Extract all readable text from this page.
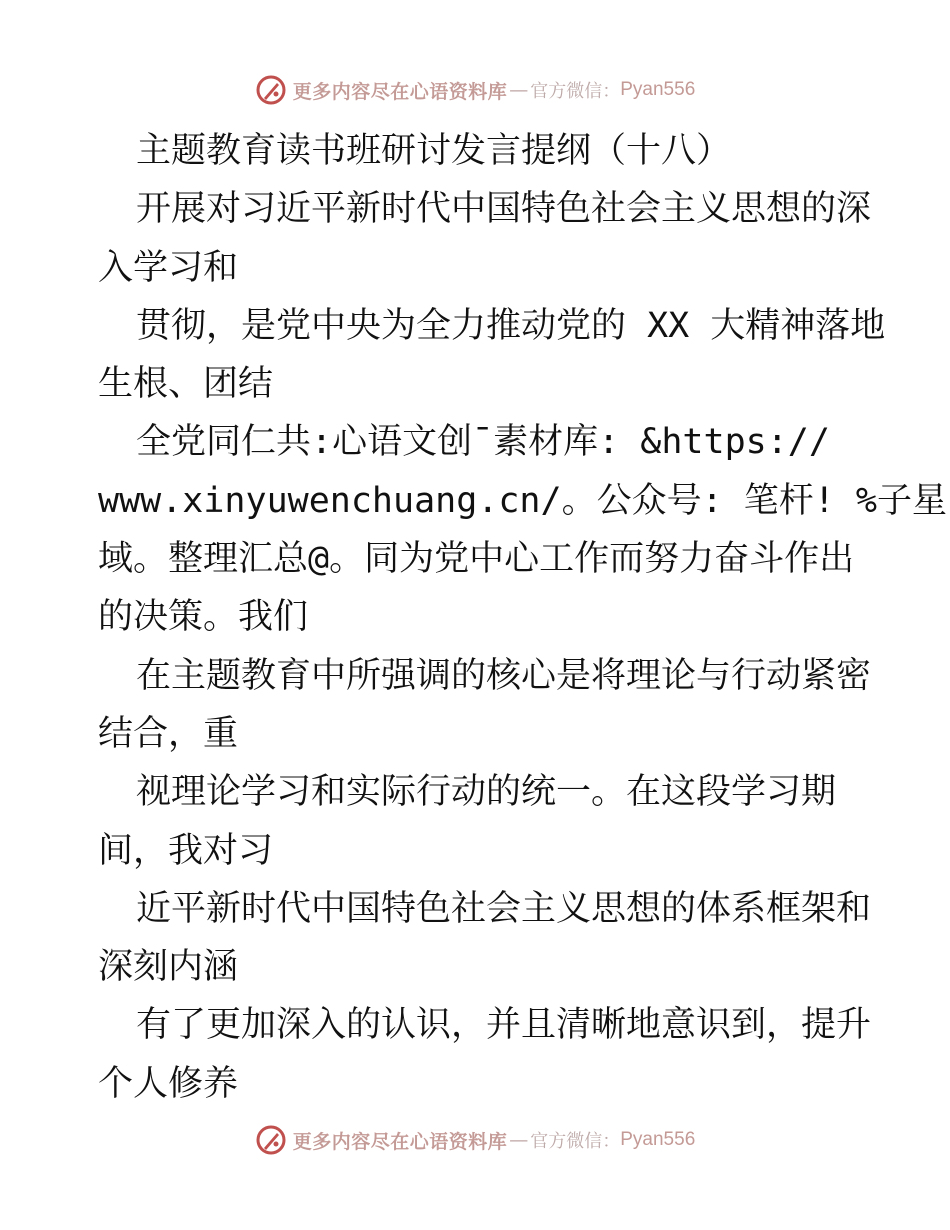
更多内容尽在心语资料库 — 官方微信： Pyan556

主题教育读书班研讨发言提纲（十八）

开展对习近平新时代中国特色社会主义思想的深

入学习和

贯彻，是党中央为全力推动党的 XX 大精神落地

生根、团结

全党同仁共:心语文创¯素材库: &https://

www.xinyuwenchuang.cn/。公众号: 笔杆! %子星

域。整理汇总@。同为党中心工作而努力奋斗作出

的决策。我们

在主题教育中所强调的核心是将理论与行动紧密

结合，重

视理论学习和实际行动的统一。在这段学习期

间，我对习

近平新时代中国特色社会主义思想的体系框架和

深刻内涵

有了更加深入的认识，并且清晰地意识到，提升

个人修养

更多内容尽在心语资料库 — 官方微信： Pyan556
